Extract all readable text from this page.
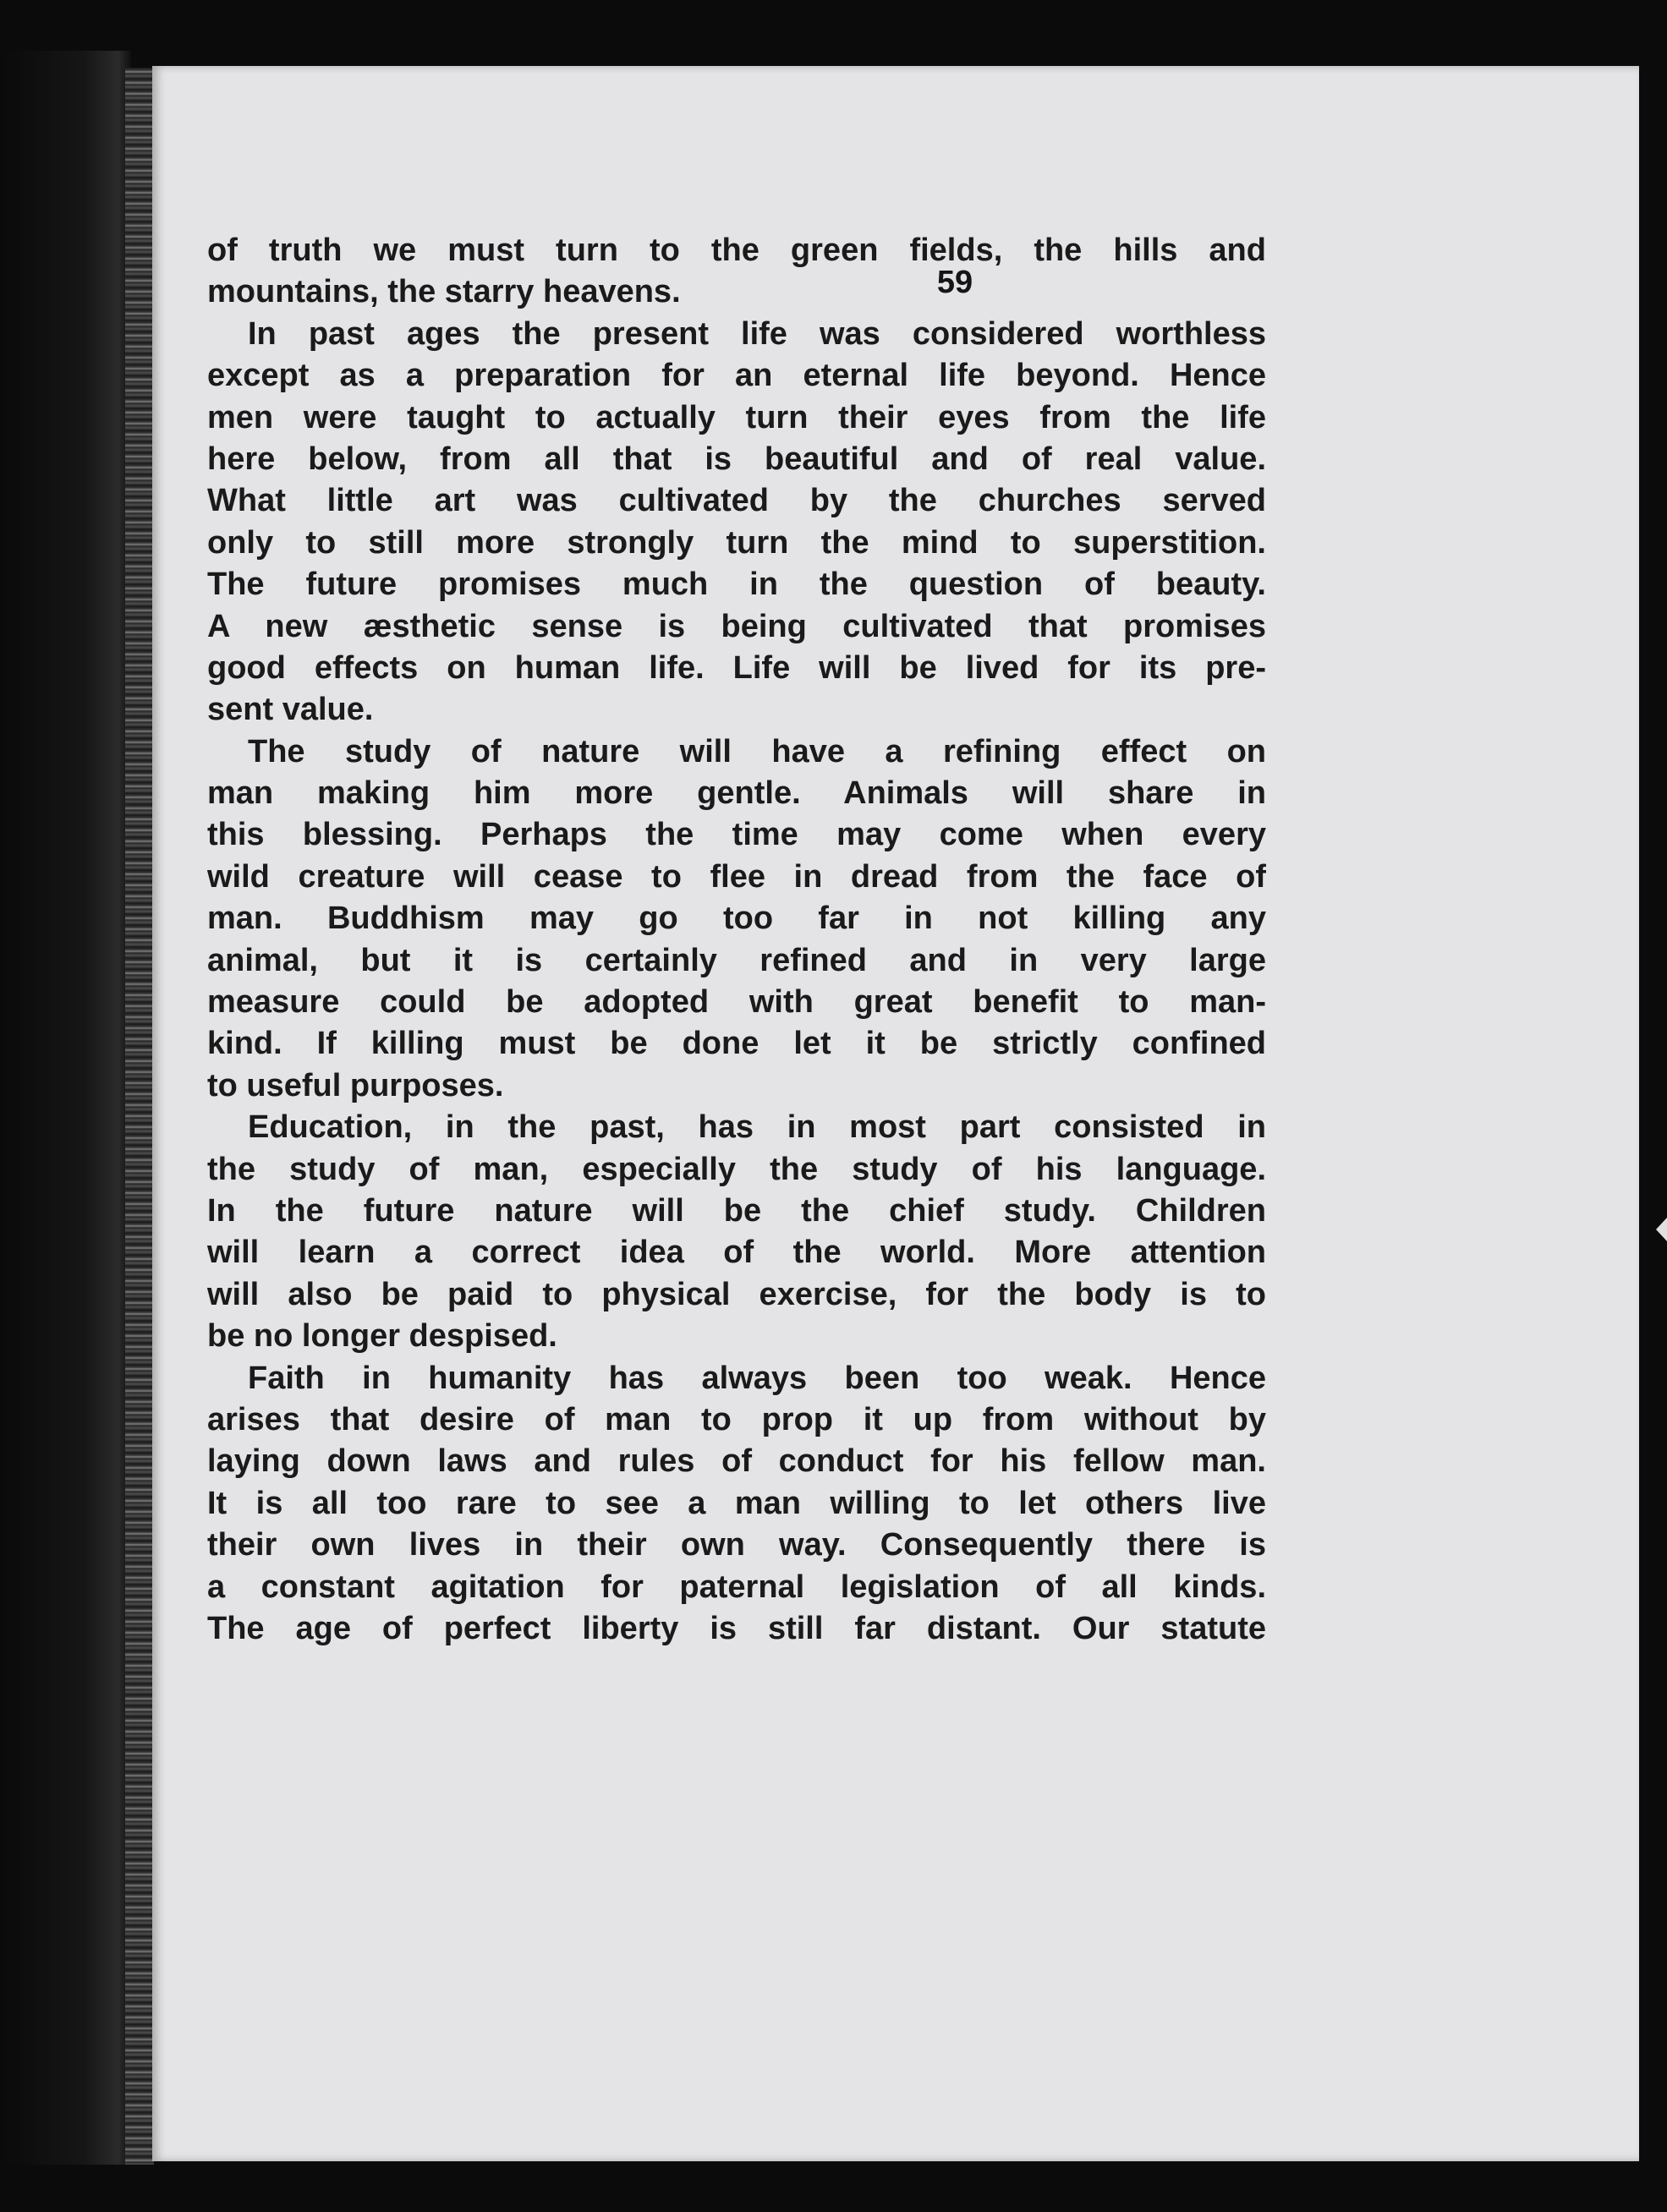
59
of truth we must turn to the green fields, the hills and
mountains, the starry heavens.
In past ages the present life was considered worthless
except as a preparation for an eternal life beyond. Hence
men were taught to actually turn their eyes from the life
here below, from all that is beautiful and of real value.
What little art was cultivated by the churches served
only to still more strongly turn the mind to superstition.
The future promises much in the question of beauty.
A new æsthetic sense is being cultivated that promises
good effects on human life. Life will be lived for its pre-
sent value.
The study of nature will have a refining effect on
man making him more gentle. Animals will share in
this blessing. Perhaps the time may come when every
wild creature will cease to flee in dread from the face of
man. Buddhism may go too far in not killing any
animal, but it is certainly refined and in very large
measure could be adopted with great benefit to man-
kind. If killing must be done let it be strictly confined
to useful purposes.
Education, in the past, has in most part consisted in
the study of man, especially the study of his language.
In the future nature will be the chief study. Children
will learn a correct idea of the world. More attention
will also be paid to physical exercise, for the body is to
be no longer despised.
Faith in humanity has always been too weak. Hence
arises that desire of man to prop it up from without by
laying down laws and rules of conduct for his fellow man.
It is all too rare to see a man willing to let others live
their own lives in their own way. Consequently there is
a constant agitation for paternal legislation of all kinds.
The age of perfect liberty is still far distant. Our statute
